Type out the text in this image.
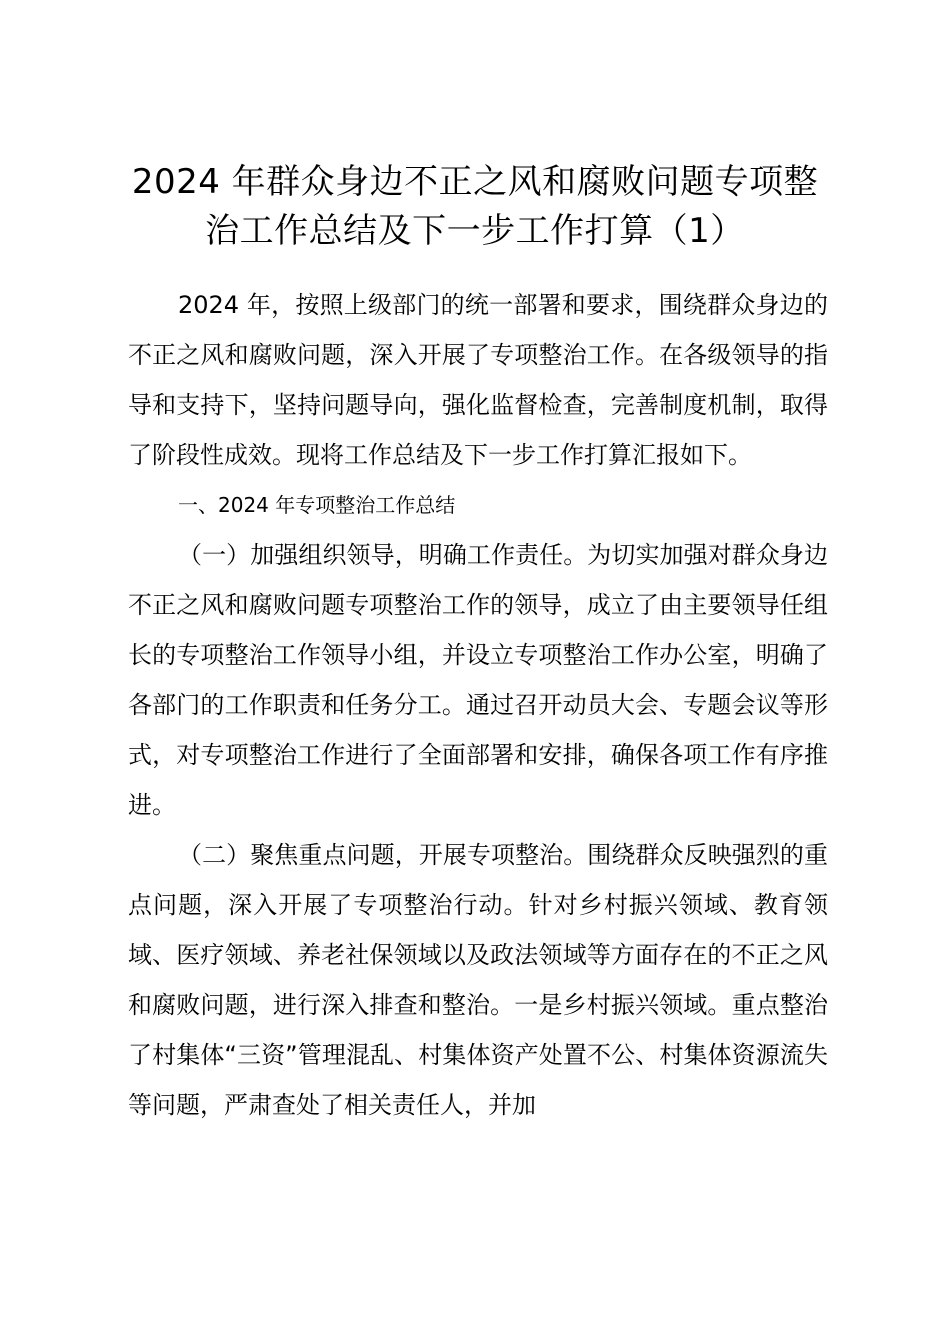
2024 年群众身边不正之风和腐败问题专项整
治工作总结及下一步工作打算（1）

2024 年，按照上级部门的统一部署和要求，围绕群众身边的不正之风和腐败问题，深入开展了专项整治工作。在各级领导的指导和支持下，坚持问题导向，强化监督检查，完善制度机制，取得了阶段性成效。现将工作总结及下一步工作打算汇报如下。

一、2024 年专项整治工作总结

（一）加强组织领导，明确工作责任。为切实加强对群众身边不正之风和腐败问题专项整治工作的领导，成立了由主要领导任组长的专项整治工作领导小组，并设立专项整治工作办公室，明确了各部门的工作职责和任务分工。通过召开动员大会、专题会议等形式，对专项整治工作进行了全面部署和安排，确保各项工作有序推进。

（二）聚焦重点问题，开展专项整治。围绕群众反映强烈的重点问题，深入开展了专项整治行动。针对乡村振兴领域、教育领域、医疗领域、养老社保领域以及政法领域等方面存在的不正之风和腐败问题，进行深入排查和整治。一是乡村振兴领域。重点整治了村集体“三资”管理混乱、村集体资产处置不公、村集体资源流失等问题，严肃查处了相关责任人，并加
